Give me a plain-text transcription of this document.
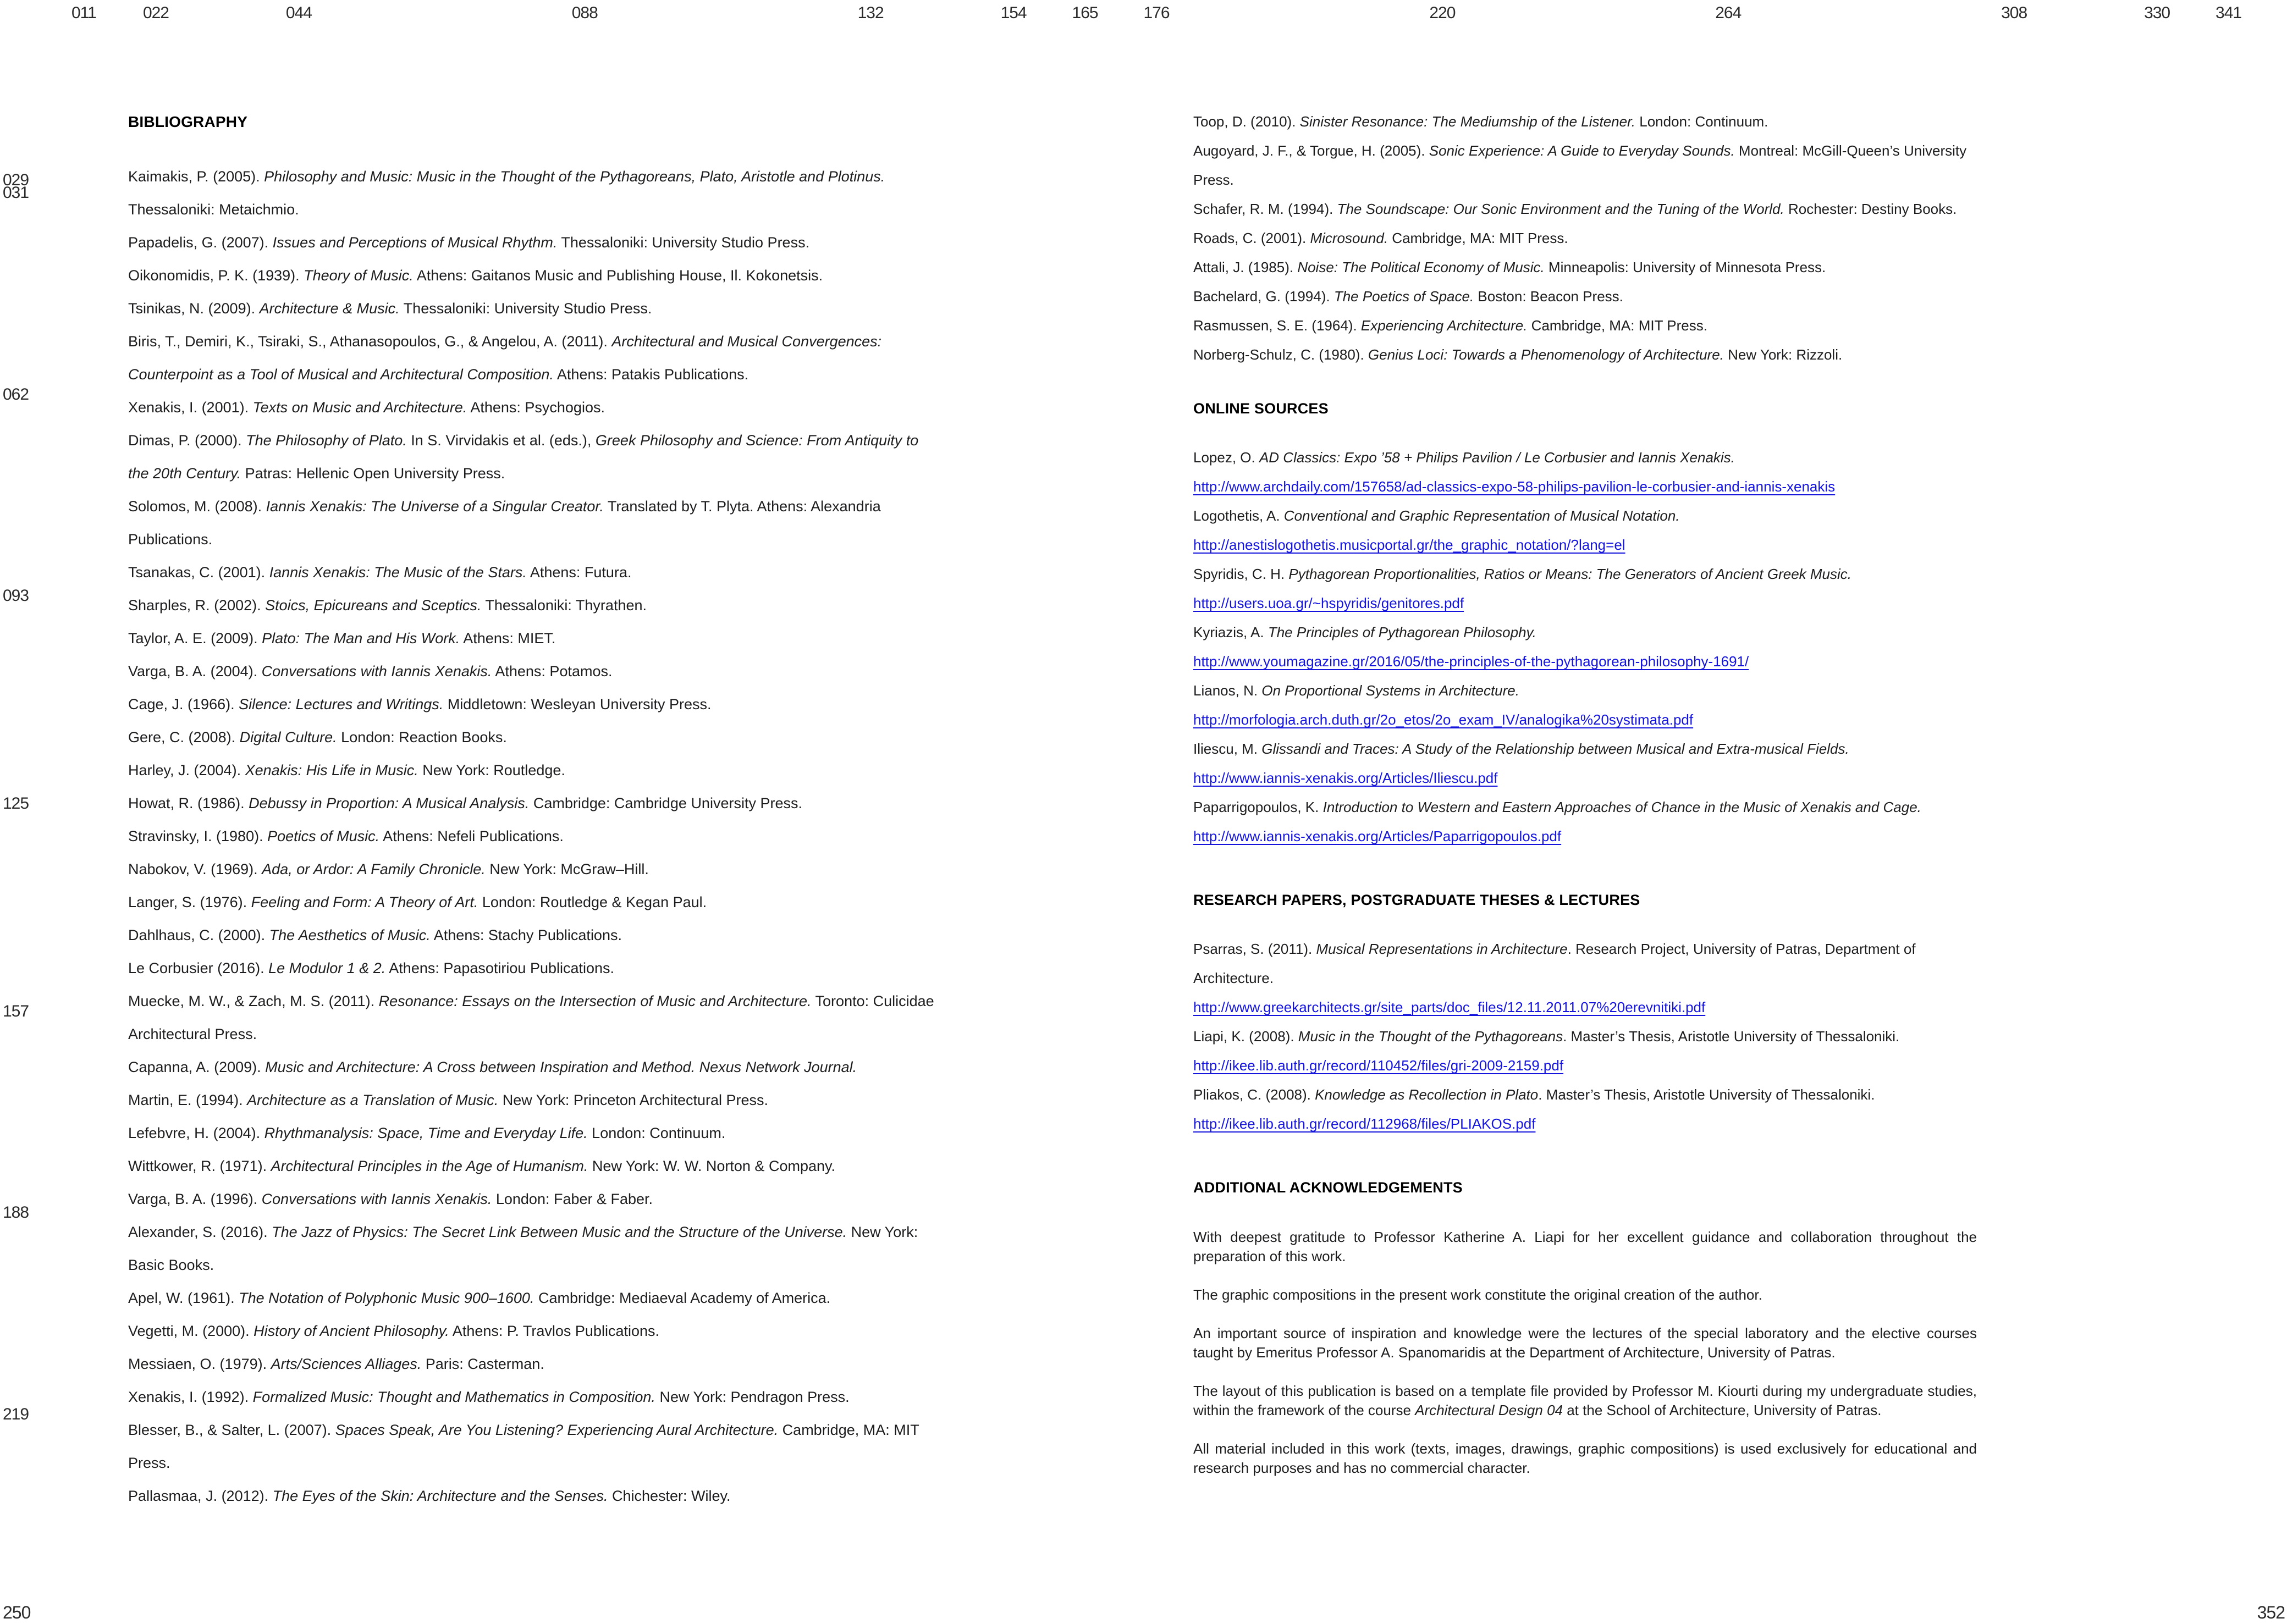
011	022	044	088	132	154	165	176	220	264	308	330	341
029
031
062
093
125
157
188
219
250	352
BIBLIOGRAPHY

Kaimakis, P. (2005). Philosophy and Music: Music in the Thought of the Pythagoreans, Plato, Aristotle and Plotinus. Thessaloniki: Metaichmio.

Papadelis, G. (2007). Issues and Perceptions of Musical Rhythm. Thessaloniki: University Studio Press.

Oikonomidis, P. K. (1939). Theory of Music. Athens: Gaitanos Music and Publishing House, Il. Kokonetsis.

Tsinikas, N. (2009). Architecture & Music. Thessaloniki: University Studio Press.

Biris, T., Demiri, K., Tsiraki, S., Athanasopoulos, G., & Angelou, A. (2011). Architectural and Musical Convergences: Counterpoint as a Tool of Musical and Architectural Composition. Athens: Patakis Publications.

Xenakis, I. (2001). Texts on Music and Architecture. Athens: Psychogios.

Dimas, P. (2000). The Philosophy of Plato. In S. Virvidakis et al. (eds.), Greek Philosophy and Science: From Antiquity to the 20th Century. Patras: Hellenic Open University Press.

Solomos, M. (2008). Iannis Xenakis: The Universe of a Singular Creator. Translated by T. Plyta. Athens: Alexandria Publications.

Tsanakas, C. (2001). Iannis Xenakis: The Music of the Stars. Athens: Futura.

Sharples, R. (2002). Stoics, Epicureans and Sceptics. Thessaloniki: Thyrathen.

Taylor, A. E. (2009). Plato: The Man and His Work. Athens: MIET.

Varga, B. A. (2004). Conversations with Iannis Xenakis. Athens: Potamos.

Cage, J. (1966). Silence: Lectures and Writings. Middletown: Wesleyan University Press.

Gere, C. (2008). Digital Culture. London: Reaction Books.

Harley, J. (2004). Xenakis: His Life in Music. New York: Routledge.

Howat, R. (1986). Debussy in Proportion: A Musical Analysis. Cambridge: Cambridge University Press.

Stravinsky, I. (1980). Poetics of Music. Athens: Nefeli Publications.

Nabokov, V. (1969). Ada, or Ardor: A Family Chronicle. New York: McGraw–Hill.

Langer, S. (1976). Feeling and Form: A Theory of Art. London: Routledge & Kegan Paul.

Dahlhaus, C. (2000). The Aesthetics of Music. Athens: Stachy Publications.

Le Corbusier (2016). Le Modulor 1 & 2. Athens: Papasotiriou Publications.

Muecke, M. W., & Zach, M. S. (2011). Resonance: Essays on the Intersection of Music and Architecture. Toronto: Culicidae Architectural Press.

Capanna, A. (2009). Music and Architecture: A Cross between Inspiration and Method. Nexus Network Journal.

Martin, E. (1994). Architecture as a Translation of Music. New York: Princeton Architectural Press.

Lefebvre, H. (2004). Rhythmanalysis: Space, Time and Everyday Life. London: Continuum.

Wittkower, R. (1971). Architectural Principles in the Age of Humanism. New York: W. W. Norton & Company.

Varga, B. A. (1996). Conversations with Iannis Xenakis. London: Faber & Faber.

Alexander, S. (2016). The Jazz of Physics: The Secret Link Between Music and the Structure of the Universe. New York: Basic Books.

Apel, W. (1961). The Notation of Polyphonic Music 900–1600. Cambridge: Mediaeval Academy of America.

Vegetti, M. (2000). History of Ancient Philosophy. Athens: P. Travlos Publications.

Messiaen, O. (1979). Arts/Sciences Alliages. Paris: Casterman.

Xenakis, I. (1992). Formalized Music: Thought and Mathematics in Composition. New York: Pendragon Press.

Blesser, B., & Salter, L. (2007). Spaces Speak, Are You Listening? Experiencing Aural Architecture. Cambridge, MA: MIT Press.

Pallasmaa, J. (2012). The Eyes of the Skin: Architecture and the Senses. Chichester: Wiley.

Toop, D. (2010). Sinister Resonance: The Mediumship of the Listener. London: Continuum.

Augoyard, J. F., & Torgue, H. (2005). Sonic Experience: A Guide to Everyday Sounds. Montreal: McGill-Queen’s University Press.

Schafer, R. M. (1994). The Soundscape: Our Sonic Environment and the Tuning of the World. Rochester: Destiny Books.

Roads, C. (2001). Microsound. Cambridge, MA: MIT Press.

Attali, J. (1985). Noise: The Political Economy of Music. Minneapolis: University of Minnesota Press.

Bachelard, G. (1994). The Poetics of Space. Boston: Beacon Press.

Rasmussen, S. E. (1964). Experiencing Architecture. Cambridge, MA: MIT Press.

Norberg-Schulz, C. (1980). Genius Loci: Towards a Phenomenology of Architecture. New York: Rizzoli.

ONLINE SOURCES

Lopez, O. AD Classics: Expo ’58 + Philips Pavilion / Le Corbusier and Iannis Xenakis.
http://www.archdaily.com/157658/ad-classics-expo-58-philips-pavilion-le-corbusier-and-iannis-xenakis

Logothetis, A. Conventional and Graphic Representation of Musical Notation.
http://anestislogothetis.musicportal.gr/the_graphic_notation/?lang=el

Spyridis, C. H. Pythagorean Proportionalities, Ratios or Means: The Generators of Ancient Greek Music.
http://users.uoa.gr/~hspyridis/genitores.pdf

Kyriazis, A. The Principles of Pythagorean Philosophy.
http://www.youmagazine.gr/2016/05/the-principles-of-the-pythagorean-philosophy-1691/

Lianos, N. On Proportional Systems in Architecture.
http://morfologia.arch.duth.gr/2o_etos/2o_exam_IV/analogika%20systimata.pdf

Iliescu, M. Glissandi and Traces: A Study of the Relationship between Musical and Extra-musical Fields.
http://www.iannis-xenakis.org/Articles/Iliescu.pdf

Paparrigopoulos, K. Introduction to Western and Eastern Approaches of Chance in the Music of Xenakis and Cage.
http://www.iannis-xenakis.org/Articles/Paparrigopoulos.pdf

RESEARCH PAPERS, POSTGRADUATE THESES & LECTURES

Psarras, S. (2011). Musical Representations in Architecture. Research Project, University of Patras, Department of Architecture.
http://www.greekarchitects.gr/site_parts/doc_files/12.11.2011.07%20erevnitiki.pdf

Liapi, K. (2008). Music in the Thought of the Pythagoreans. Master’s Thesis, Aristotle University of Thessaloniki.
http://ikee.lib.auth.gr/record/110452/files/gri-2009-2159.pdf

Pliakos, C. (2008). Knowledge as Recollection in Plato. Master’s Thesis, Aristotle University of Thessaloniki.
http://ikee.lib.auth.gr/record/112968/files/PLIAKOS.pdf

ADDITIONAL ACKNOWLEDGEMENTS

With deepest gratitude to Professor Katherine A. Liapi for her excellent guidance and collaboration throughout the preparation of this work.

The graphic compositions in the present work constitute the original creation of the author.

An important source of inspiration and knowledge were the lectures of the special laboratory and the elective courses taught by Emeritus Professor A. Spanomaridis at the Department of Architecture, University of Patras.

The layout of this publication is based on a template file provided by Professor M. Kiourti during my undergraduate studies, within the framework of the course Architectural Design 04 at the School of Architecture, University of Patras.

All material included in this work (texts, images, drawings, graphic compositions) is used exclusively for educational and research purposes and has no commercial character.
